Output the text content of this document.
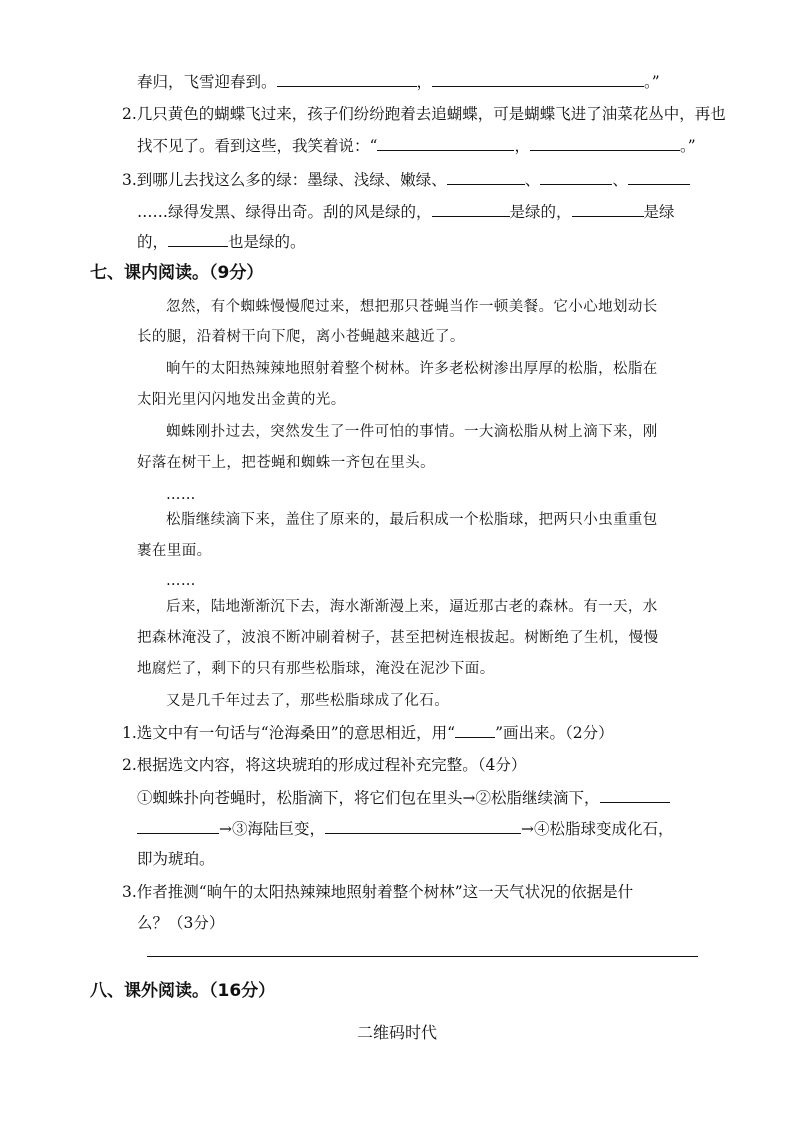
春归，飞雪迎春到。	，	。”
2.几只黄色的蝴蝶飞过来，孩子们纷纷跑着去追蝴蝶，可是蝴蝶飞进了油菜花丛中，再也
找不见了。看到这些，我笑着说：“	，	。”
3.到哪儿去找这么多的绿：墨绿、浅绿、嫩绿、	、	、
……绿得发黑、绿得出奇。刮的风是绿的，	是绿的，	是绿
的，	也是绿的。
七、课内阅读。（9分）
忽然，有个蜘蛛慢慢爬过来，想把那只苍蝇当作一顿美餐。它小心地划动长
长的腿，沿着树干向下爬，离小苍蝇越来越近了。
晌午的太阳热辣辣地照射着整个树林。许多老松树渗出厚厚的松脂，松脂在
太阳光里闪闪地发出金黄的光。
蜘蛛刚扑过去，突然发生了一件可怕的事情。一大滴松脂从树上滴下来，刚
好落在树干上，把苍蝇和蜘蛛一齐包在里头。
……
松脂继续滴下来，盖住了原来的，最后积成一个松脂球，把两只小虫重重包
裹在里面。
……
后来，陆地渐渐沉下去，海水渐渐漫上来，逼近那古老的森林。有一天，水
把森林淹没了，波浪不断冲刷着树子，甚至把树连根拔起。树断绝了生机，慢慢
地腐烂了，剩下的只有那些松脂球，淹没在泥沙下面。
又是几千年过去了，那些松脂球成了化石。
1.选文中有一句话与“沧海桑田”的意思相近，用“	”画出来。（2分）
2.根据选文内容，将这块琥珀的形成过程补充完整。（4分）
①蜘蛛扑向苍蝇时，松脂滴下，将它们包在里头→②松脂继续滴下，
→③海陆巨变，	→④松脂球变成化石，
即为琥珀。
3.作者推测“晌午的太阳热辣辣地照射着整个树林”这一天气状况的依据是什
么？（3分）
八、课外阅读。（16分）
二维码时代
